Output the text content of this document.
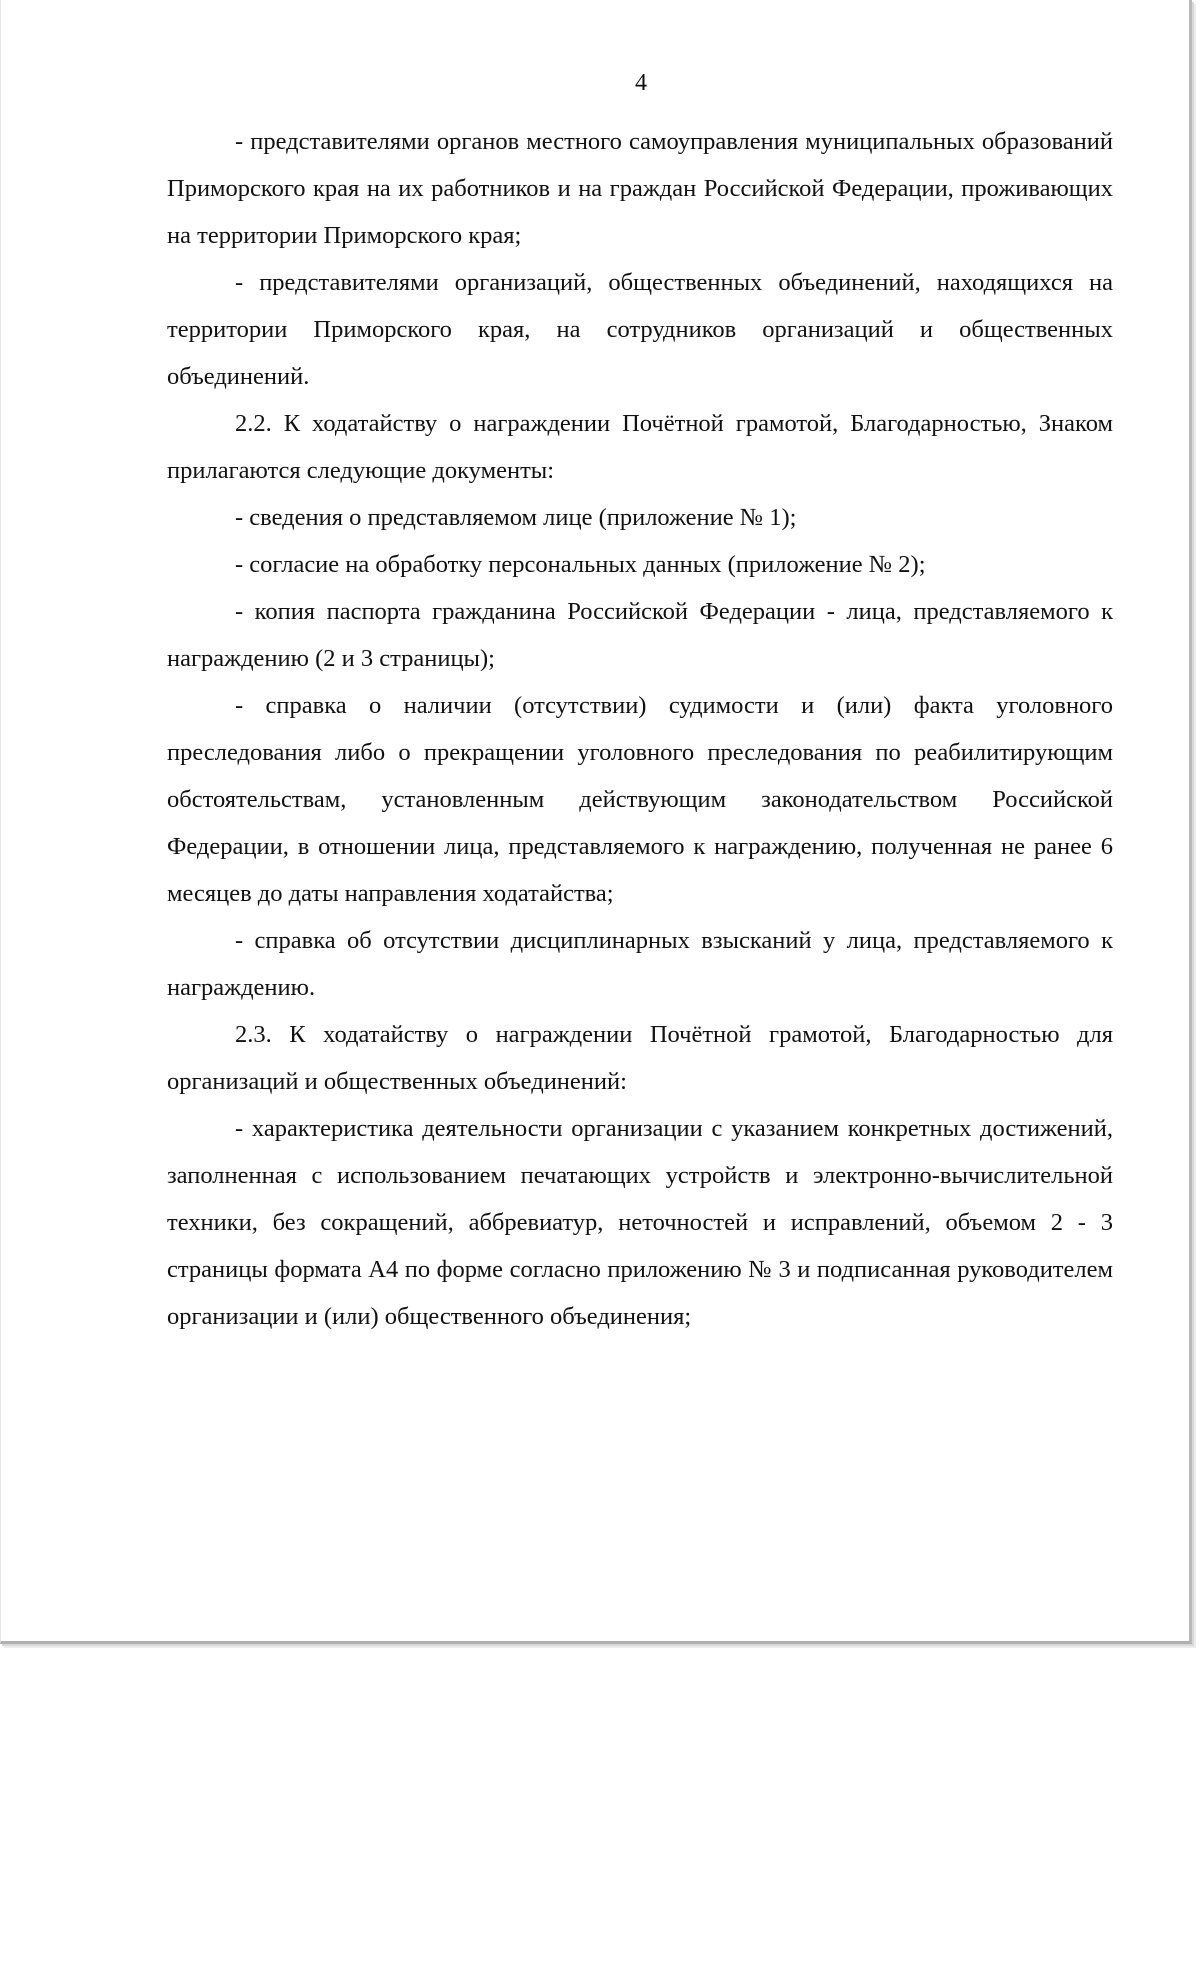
4

- представителями органов местного самоуправления муниципальных образований Приморского края на их работников и на граждан Российской Федерации, проживающих на территории Приморского края;

- представителями организаций, общественных объединений, находящихся на территории Приморского края, на сотрудников организаций и общественных объединений.

2.2. К ходатайству о награждении Почётной грамотой, Благодарностью, Знаком прилагаются следующие документы:

- сведения о представляемом лице (приложение № 1);

- согласие на обработку персональных данных (приложение № 2);

- копия паспорта гражданина Российской Федерации - лица, представляемого к награждению (2 и 3 страницы);

- справка о наличии (отсутствии) судимости и (или) факта уголовного преследования либо о прекращении уголовного преследования по реабилитирующим обстоятельствам, установленным действующим законодательством Российской Федерации, в отношении лица, представляемого к награждению, полученная не ранее 6 месяцев до даты направления ходатайства;

- справка об отсутствии дисциплинарных взысканий у лица, представляемого к награждению.

2.3. К ходатайству о награждении Почётной грамотой, Благодарностью для организаций и общественных объединений:

- характеристика деятельности организации с указанием конкретных достижений, заполненная с использованием печатающих устройств и электронно-вычислительной техники, без сокращений, аббревиатур, неточностей и исправлений, объемом 2 - 3 страницы формата А4 по форме согласно приложению № 3 и подписанная руководителем организации и (или) общественного объединения;
